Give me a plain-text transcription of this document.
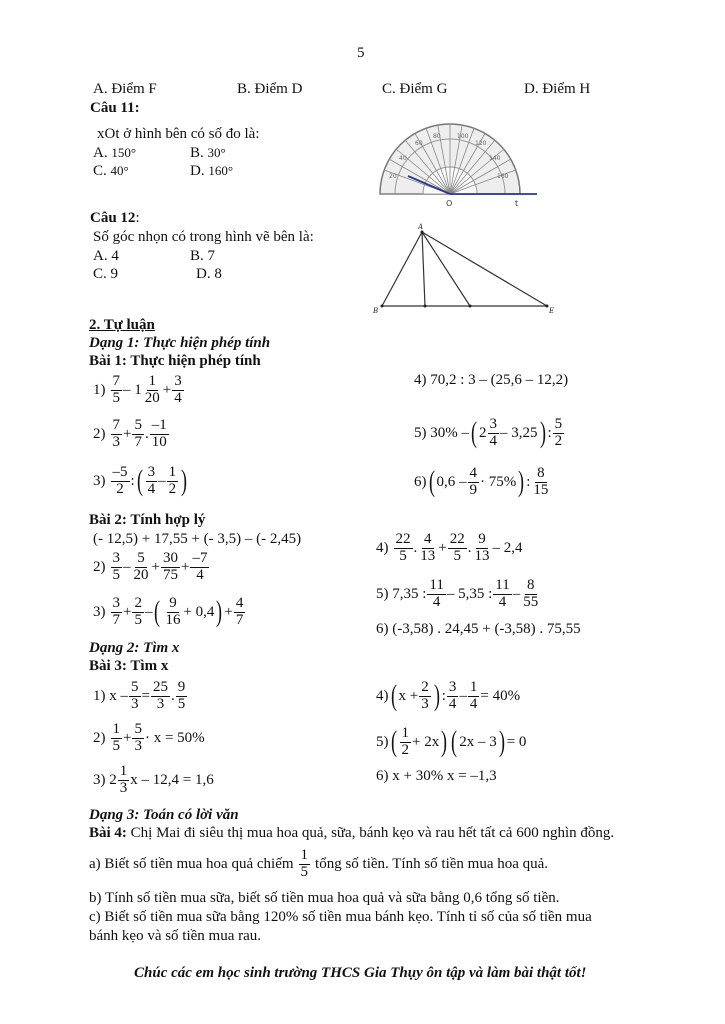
5
A. Điểm F	B. Điểm D	C. Điểm G	D. Điểm H
Câu 11:
xOt ở hình bên có số đo là:
A. 150°	B. 30°
C. 40°	D. 160°	20
40
60
80	100
120
140
160
O	t
Câu 12:
Số góc nhọn có trong hình vẽ bên là:
A. 4	B. 7
C. 9	D. 8
A
B	E
2. Tự luận
Dạng 1: Thực hiện phép tính
Bài 1: Thực hiện phép tính
1)
7
5 – 1
1
20 +
3
4
4) 70,2 : 3 – (25,6 – 12,2)
2)
7
3 +
5
7 .
–1
10
5) 30% – ( 2
3
4 – 3,25 ) :
5
2
3)
–5
2 : ( 3
4 –
1
2 )	6) ( 0,6 –
4
9 · 75% ) :
8
15
Bài 2: Tính hợp lý
(- 12,5) + 17,55 + (- 3,5) – (- 2,45)
2)
3
5 –
5
20 +
30
75 +
–7
4
4)
22
5 .
4
13 +
22
5 .
9
13 – 2,4
5) 7,35 :
11
4 – 5,35 :
11
4 –
8
55
3)
3
7 +
2
5 – ( 9
16 + 0,4 ) +
4
7
6) (-3,58) . 24,45 + (-3,58) . 75,55
Dạng 2: Tìm x
Bài 3: Tìm x
1) x –
5
3 =
25
3 .
9
5	4) ( x +
2
3 ) :
3
4 –
1
4 = 40%
2)
1
5 +
5
3 · x = 50%	5) ( 1
2 + 2x ) ( 2x – 3 ) = 0
3) 2
1
3 x – 12,4 = 1,6	6) x + 30% x = –1,3
Dạng 3: Toán có lời văn
Bài 4: Chị Mai đi siêu thị mua hoa quả, sữa, bánh kẹo và rau hết tất cả 600 nghìn đồng.
a) Biết số tiền mua hoa quả chiếm
1
5 tổng số tiền. Tính số tiền mua hoa quả.
b) Tính số tiền mua sữa, biết số tiền mua hoa quả và sữa bằng 0,6 tổng số tiền.
c) Biết số tiền mua sữa bằng 120% số tiền mua bánh kẹo. Tính tỉ số của số tiền mua
bánh kẹo và số tiền mua rau.
Chúc các em học sinh trường THCS Gia Thụy ôn tập và làm bài thật tốt!
